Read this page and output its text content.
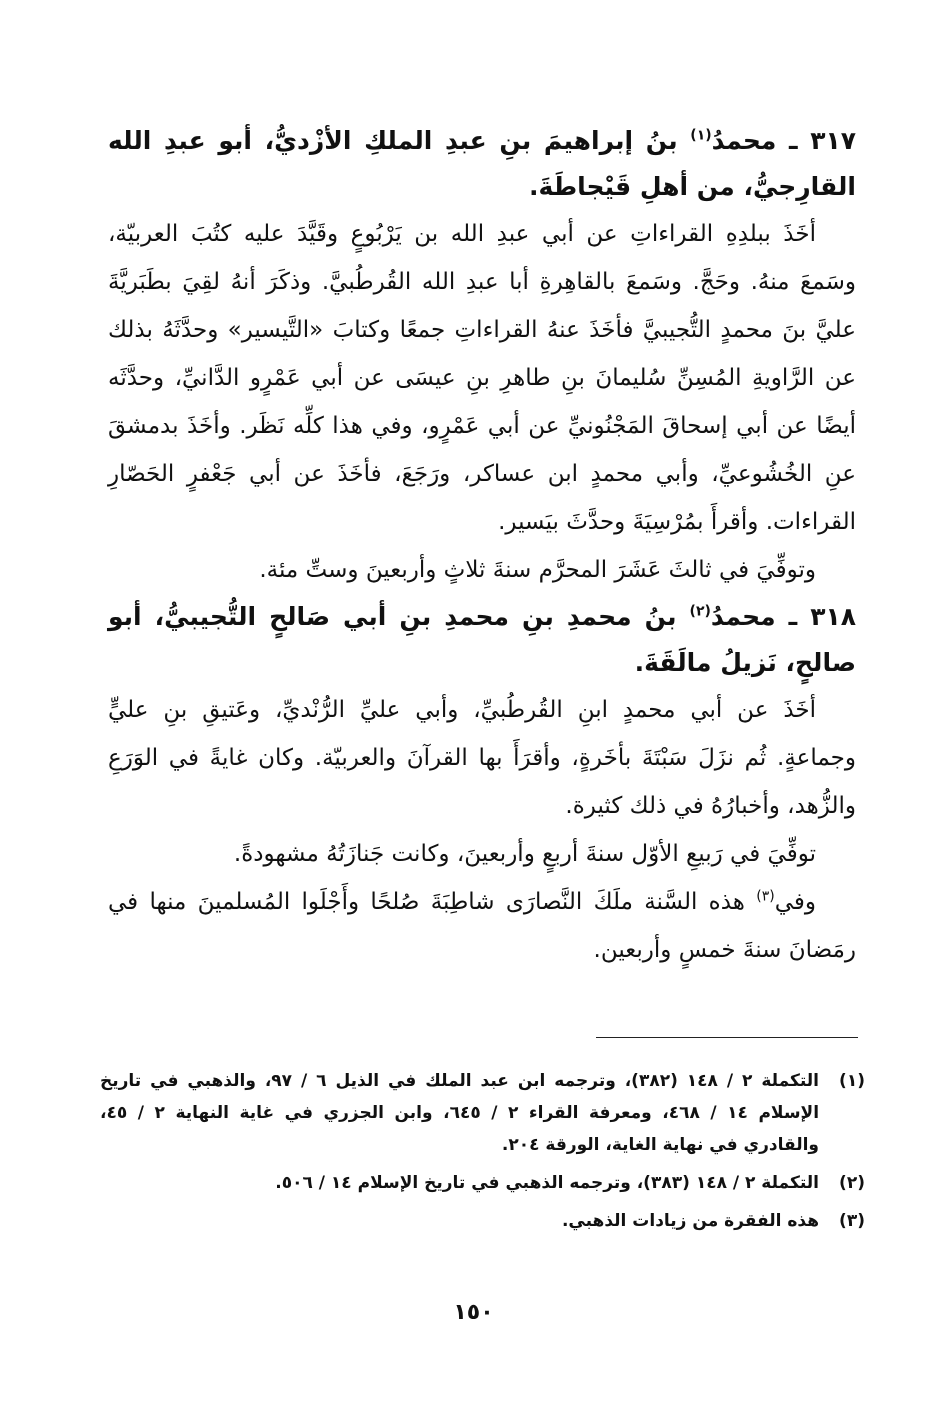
٣١٧ ـ محمدُ$^{(١)}$ بنُ إبراهيمَ بنِ عبدِ الملكِ الأزْديُّ، أبو عبدِ الله القارِجيُّ، من أهلِ قَيْجاطَةَ.

أخَذَ ببلدِهِ القراءاتِ عن أبي عبدِ الله بن يَرْبُوعٍ وقَيَّدَ عليه كتُبَ العربيّة، وسَمعَ منهُ. وحَجَّ. وسَمعَ بالقاهِرةِ أبا عبدِ الله القُرطُبيَّ. وذكَرَ أنهُ لقِيَ بطَبَريَّةَ عليَّ بنَ محمدٍ التُّجيبيَّ فأخَذَ عنهُ القراءاتِ جمعًا وكتابَ «التَّيسير» وحدَّثَهُ بذلك عن الرَّاويةِ المُسِنِّ سُليمانَ بنِ طاهرِ بنِ عيسَى عن أبي عَمْرٍو الدَّانيِّ، وحدَّثَه أيضًا عن أبي إسحاقَ المَجْنُونيِّ عن أبي عَمْرٍو، وفي هذا كلِّه نَظَر. وأخَذَ بدمشقَ عنِ الخُشُوعيِّ، وأبي محمدٍ ابن عساكر، ورَجَعَ، فأخَذَ عن أبي جَعْفرٍ الحَصّارِ القراءات. وأقرأَ بمُرْسِيَةَ وحدَّثَ بيَسير.

وتوفِّيَ في ثالثَ عَشَرَ المحرَّم سنةَ ثلاثٍ وأربعينَ وستِّ مئة.

٣١٨ ـ محمدُ$^{(٢)}$ بنُ محمدِ بنِ محمدِ بنِ أبي صَالحٍ التُّجيبيُّ، أبو صالحٍ، نَزيلُ مالَقَةَ.

أخَذَ عن أبي محمدٍ ابنِ القُرطُبيِّ، وأبي عليِّ الرُّنْديِّ، وعَتيقِ بنِ عليٍّ وجماعةٍ. ثُم نزَلَ سَبْتَةَ بأخَرةٍ، وأقرَأَ بها القرآنَ والعربيّة. وكان غايةً في الوَرَعِ والزُّهد، وأخبارُهُ في ذلك كثيرة.

توفِّيَ في رَبيعِ الأوّل سنةَ أربعٍ وأربعينَ، وكانت جَنازَتُهُ مشهودةً.

وفي$^{(٣)}$ هذه السَّنة ملَكَ النَّصارَى شاطِبَةَ صُلحًا وأَجْلَوا المُسلمينَ منها في رمَضانَ سنةَ خمسٍ وأربعين.

(١)
التكملة ٢ / ١٤٨ (٣٨٢)، وترجمه ابن عبد الملك في الذيل ٦ / ٩٧، والذهبي في تاريخ الإسلام ١٤ / ٤٦٨، ومعرفة القراء ٢ / ٦٤٥، وابن الجزري في غاية النهاية ٢ / ٤٥، والقادري في نهاية الغاية، الورقة ٢٠٤.
(٢)
التكملة ٢ / ١٤٨ (٣٨٣)، وترجمه الذهبي في تاريخ الإسلام ١٤ / ٥٠٦.
(٣)
هذه الفقرة من زيادات الذهبي.
١٥٠
